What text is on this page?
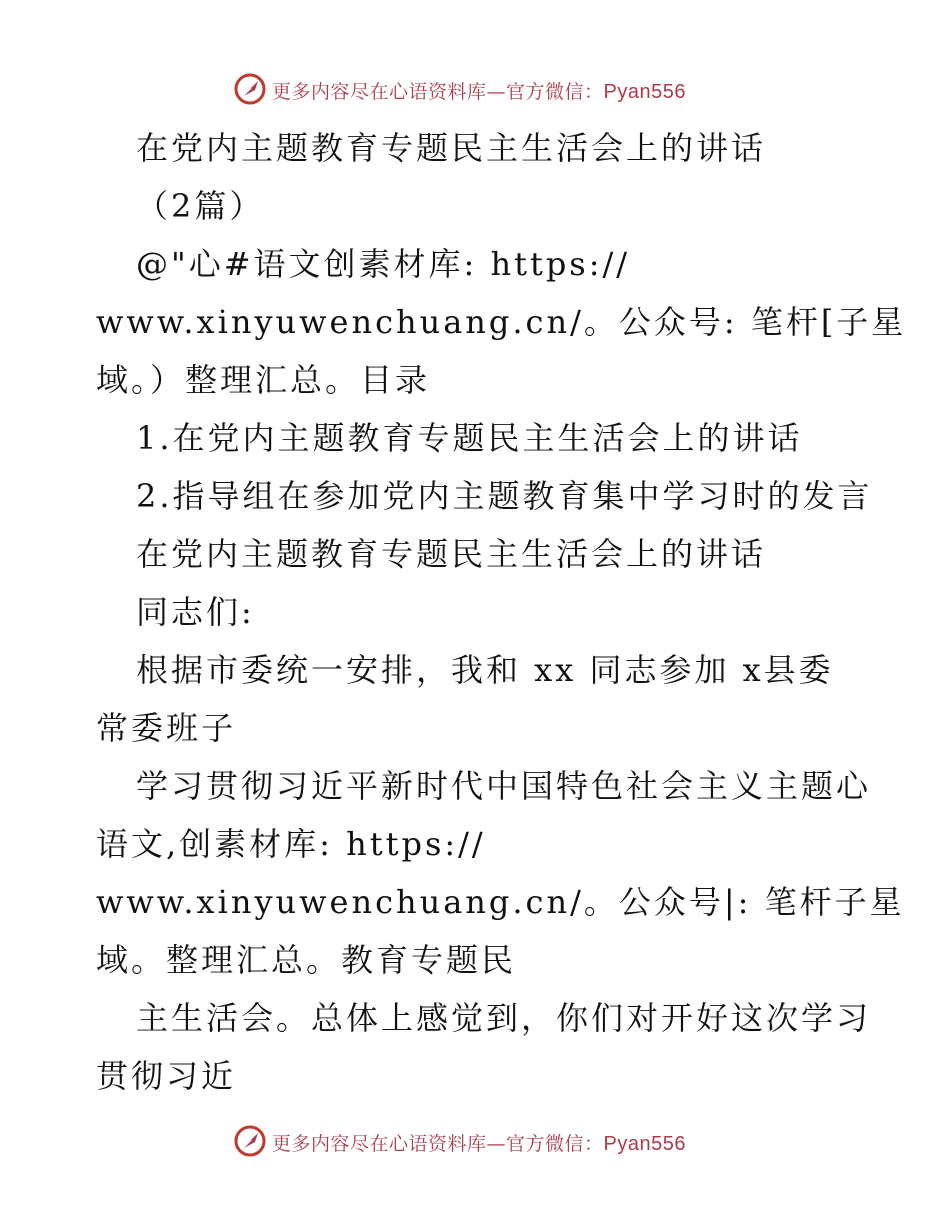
更多内容尽在心语资料库—官方微信：Pyan556
在党内主题教育专题民主生活会上的讲话
（2篇）
@"心#语文创素材库: https://
www.xinyuwenchuang.cn/。公众号: 笔杆[子星
域。）整理汇总。目录
1.在党内主题教育专题民主生活会上的讲话
2.指导组在参加党内主题教育集中学习时的发言
在党内主题教育专题民主生活会上的讲话
同志们:
根据市委统一安排，我和 xx 同志参加 x县委
常委班子
学习贯彻习近平新时代中国特色社会主义主题心
语文,创素材库: https://
www.xinyuwenchuang.cn/。公众号|: 笔杆子星
域。整理汇总。教育专题民
主生活会。总体上感觉到，你们对开好这次学习
贯彻习近
更多内容尽在心语资料库—官方微信：Pyan556
